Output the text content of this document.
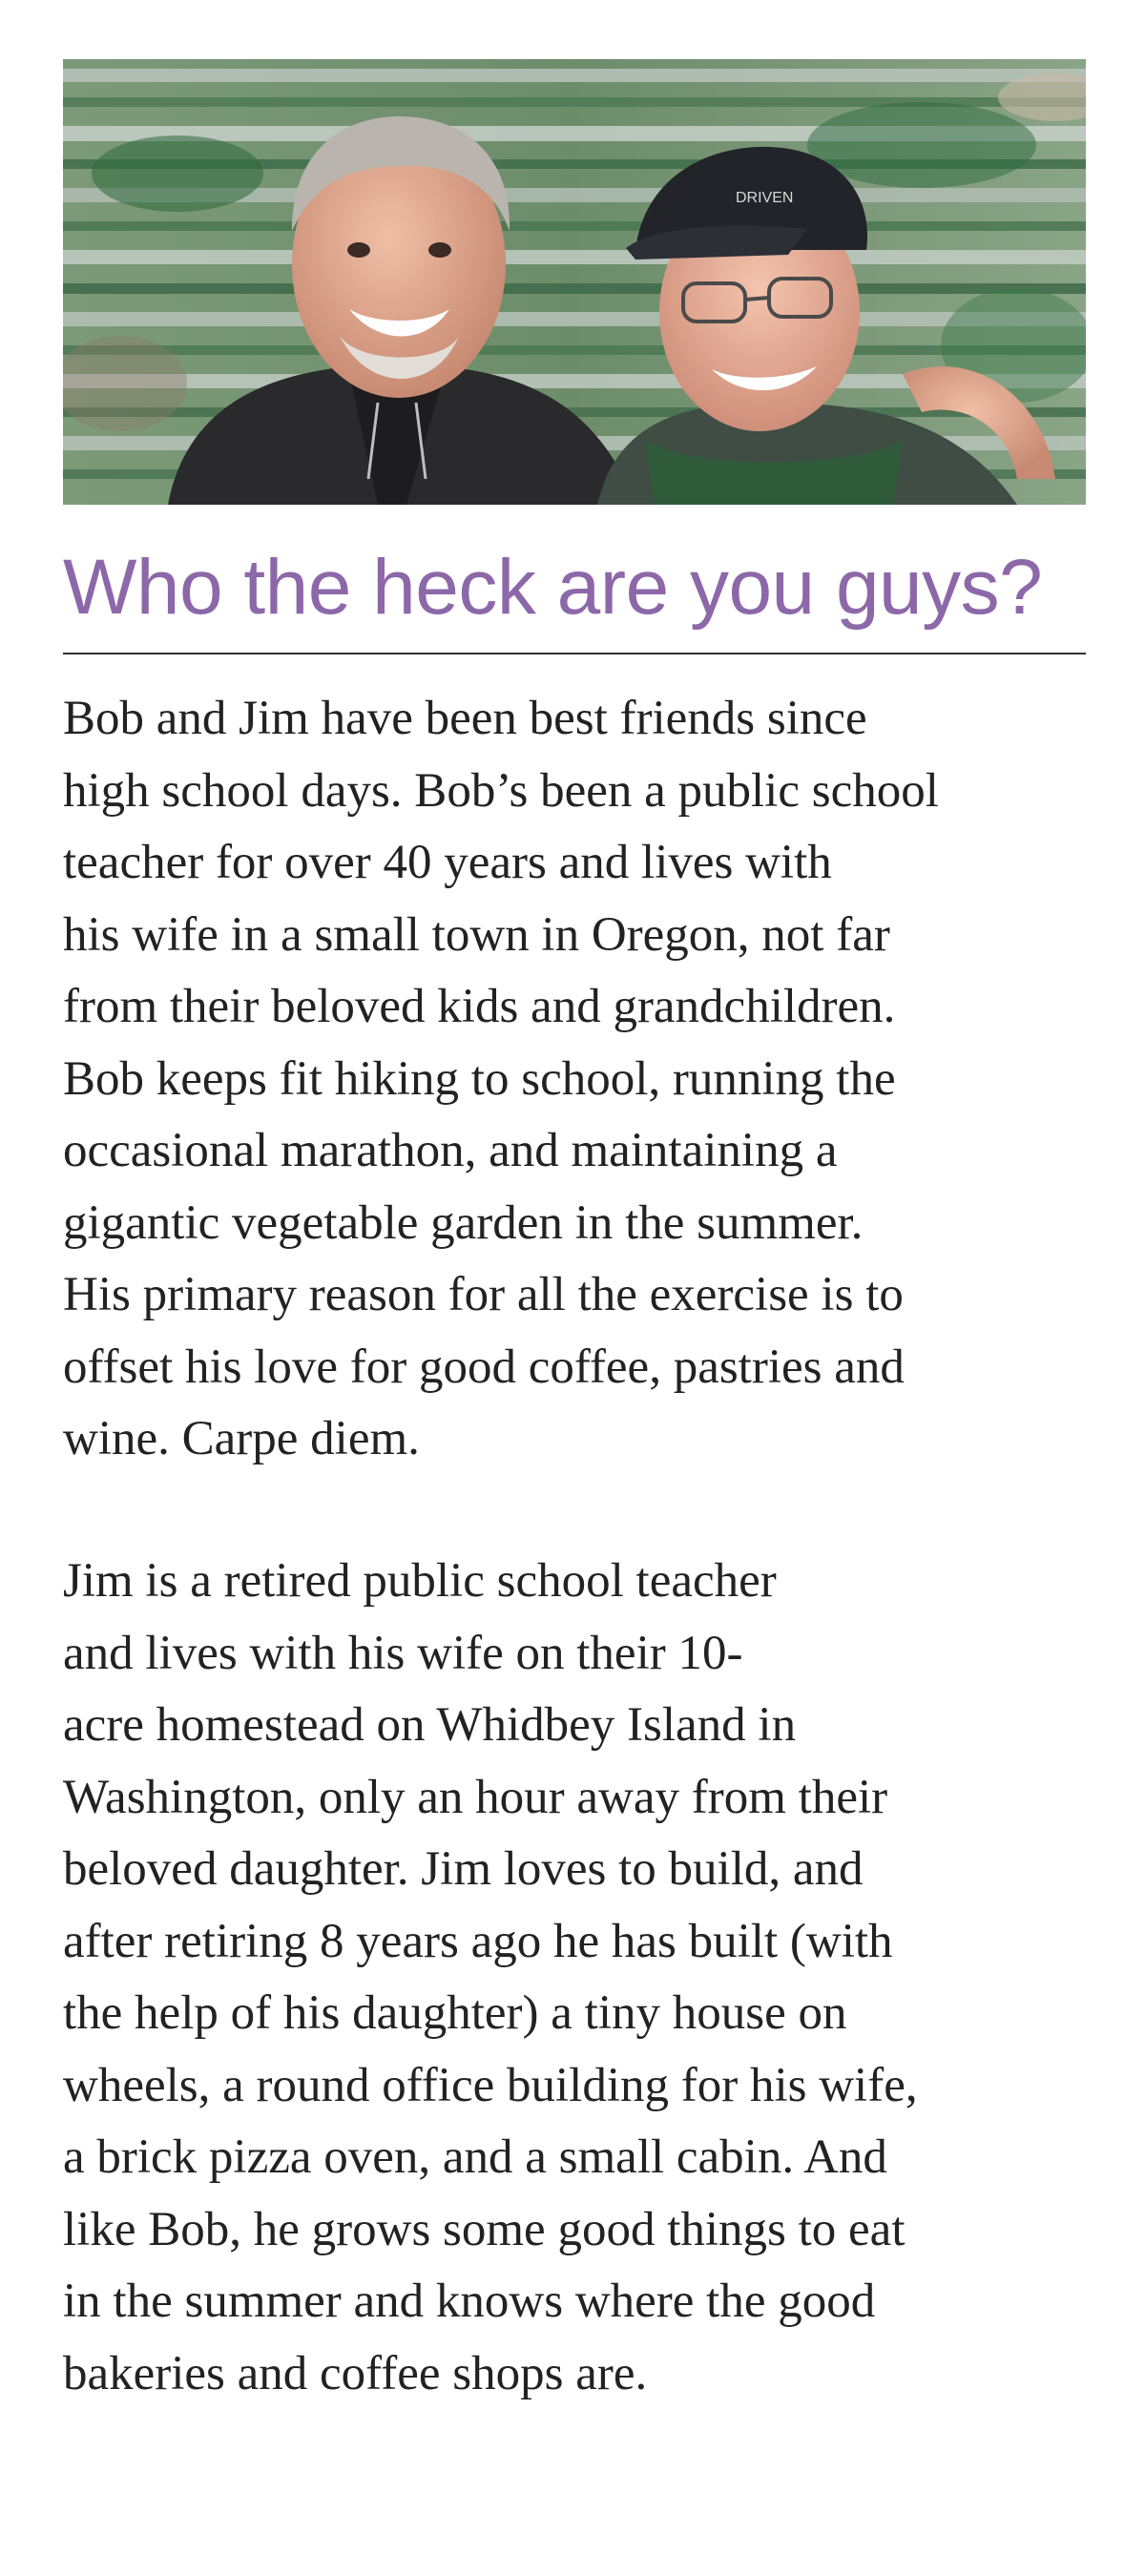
DRIVEN
Who the heck are you guys?

Bob and Jim have been best friends since
high school days. Bob’s been a public school
teacher for over 40 years and lives with
his wife in a small town in Oregon, not far
from their beloved kids and grandchildren.
Bob keeps fit hiking to school, running the
occasional marathon, and maintaining a
gigantic vegetable garden in the summer.
His primary reason for all the exercise is to
offset his love for good coffee, pastries and
wine. Carpe diem.

Jim is a retired public school teacher
and lives with his wife on their 10-
acre homestead on Whidbey Island in
Washington, only an hour away from their
beloved daughter. Jim loves to build, and
after retiring 8 years ago he has built (with
the help of his daughter) a tiny house on
wheels, a round office building for his wife,
a brick pizza oven, and a small cabin. And
like Bob, he grows some good things to eat
in the summer and knows where the good
bakeries and coffee shops are.
